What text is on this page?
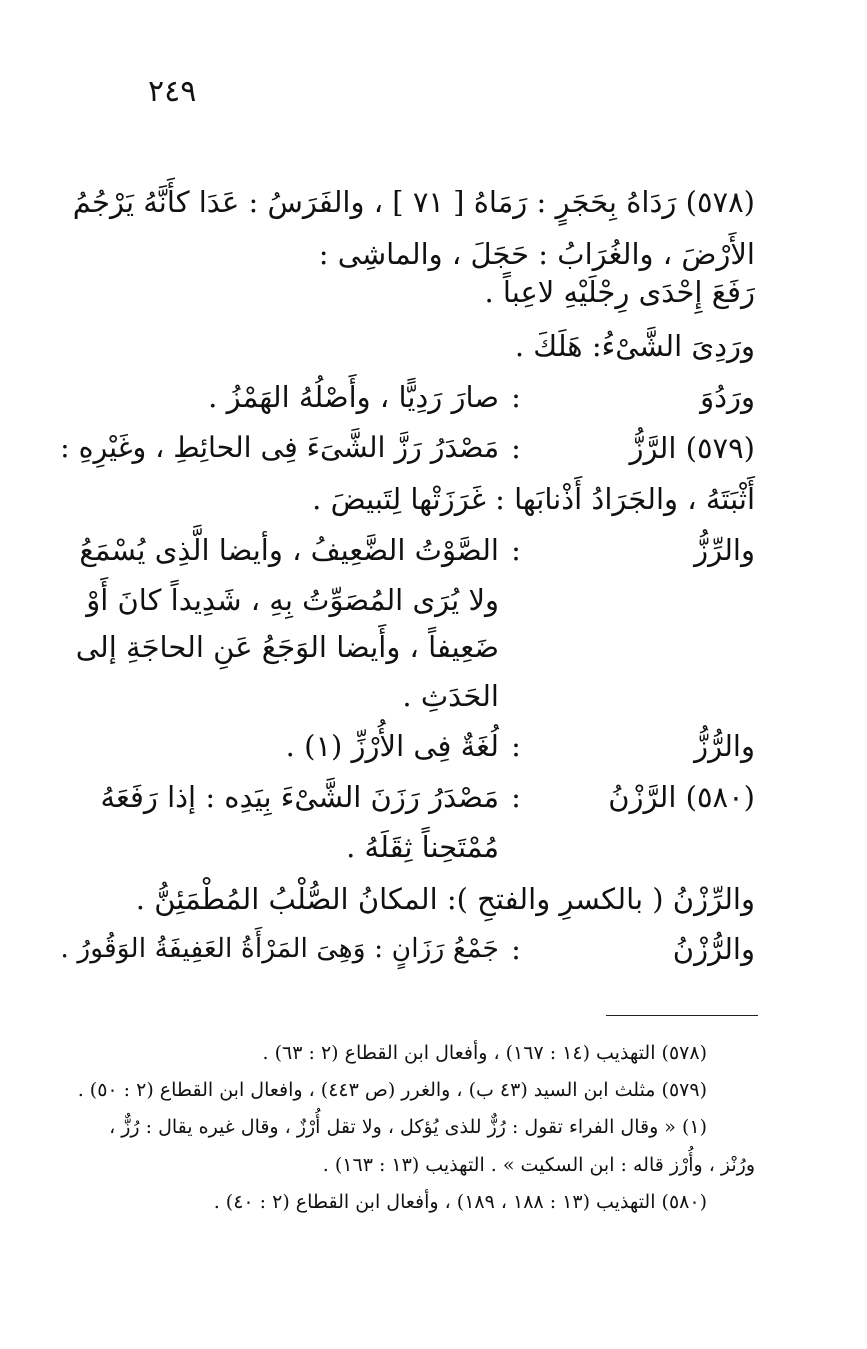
٢٤٩
(٥٧٨) رَدَاهُ بِحَجَرٍ : رَمَاهُ [ ٧١ ] ، والفَرَسُ : عَدَا كأَنَّهُ يَرْجُمُ
الأَرْضَ ، والغُرَابُ : حَجَلَ ، والماشِى :
رَفَعَ إِحْدَى رِجْلَيْهِ لاعِباً .
ورَدِىَ الشَّىْءُ: هَلَكَ .
ورَدُوَ
:
صارَ رَدِيًّا ، وأَصْلُهُ الهَمْزُ .
(٥٧٩) الرَّزُّ
:
مَصْدَرُ رَزَّ الشَّىَءَ فِى الحائِطِ ، وغَيْرِهِ :
أَثْبَتَهُ ، والجَرَادُ أَذْنابَها : غَرَزَتْها لِتَبيضَ .
والرِّزُّ
:
الصَّوْتُ الضَّعِيفُ ، وأيضا الَّذِى يُسْمَعُ
ولا يُرَى المُصَوِّتُ بِهِ ، شَدِيداً كانَ أَوْ
ضَعِيفاً ، وأَيضا الوَجَعُ عَنِ الحاجَةِ إلى
الحَدَثِ .
والرُّزُّ
:
لُغَةٌ فِى الأُرْزِّ (١) .
(٥٨٠) الرَّزْنُ
:
مَصْدَرُ رَزَنَ الشَّىْءَ بِيَدِه : إذا رَفَعَهُ
مُمْتَحِناً ثِقَلَهُ .
والرِّزْنُ ( بالكسرِ والفتحِ ): المكانُ الصُّلْبُ المُطْمَئِنُّ .
والرُّزْنُ
:
جَمْعُ رَزَانٍ : وَهِىَ المَرْأَةُ العَفِيفَةُ الوَقُورُ .
(٥٧٨) التهذيب (١٤ : ١٦٧) ، وأفعال ابن القطاع (٢ : ٦٣) .
(٥٧٩) مثلث ابن السيد (٤٣ ب) ، والغرر (ص ٤٤٣) ، وافعال ابن القطاع (٢ : ٥٠) .
(١) « وقال الفراء تقول : رُزٌّ للذى يُؤكل ، ولا تقل أُرْزٌ ، وقال غيره يقال : رُزٌّ ،
ورُنْز ، وأُرْز قاله : ابن السكيت » . التهذيب (١٣ : ١٦٣) .
(٥٨٠) التهذيب (١٣ : ١٨٨ ، ١٨٩) ، وأفعال ابن القطاع (٢ : ٤٠) .
